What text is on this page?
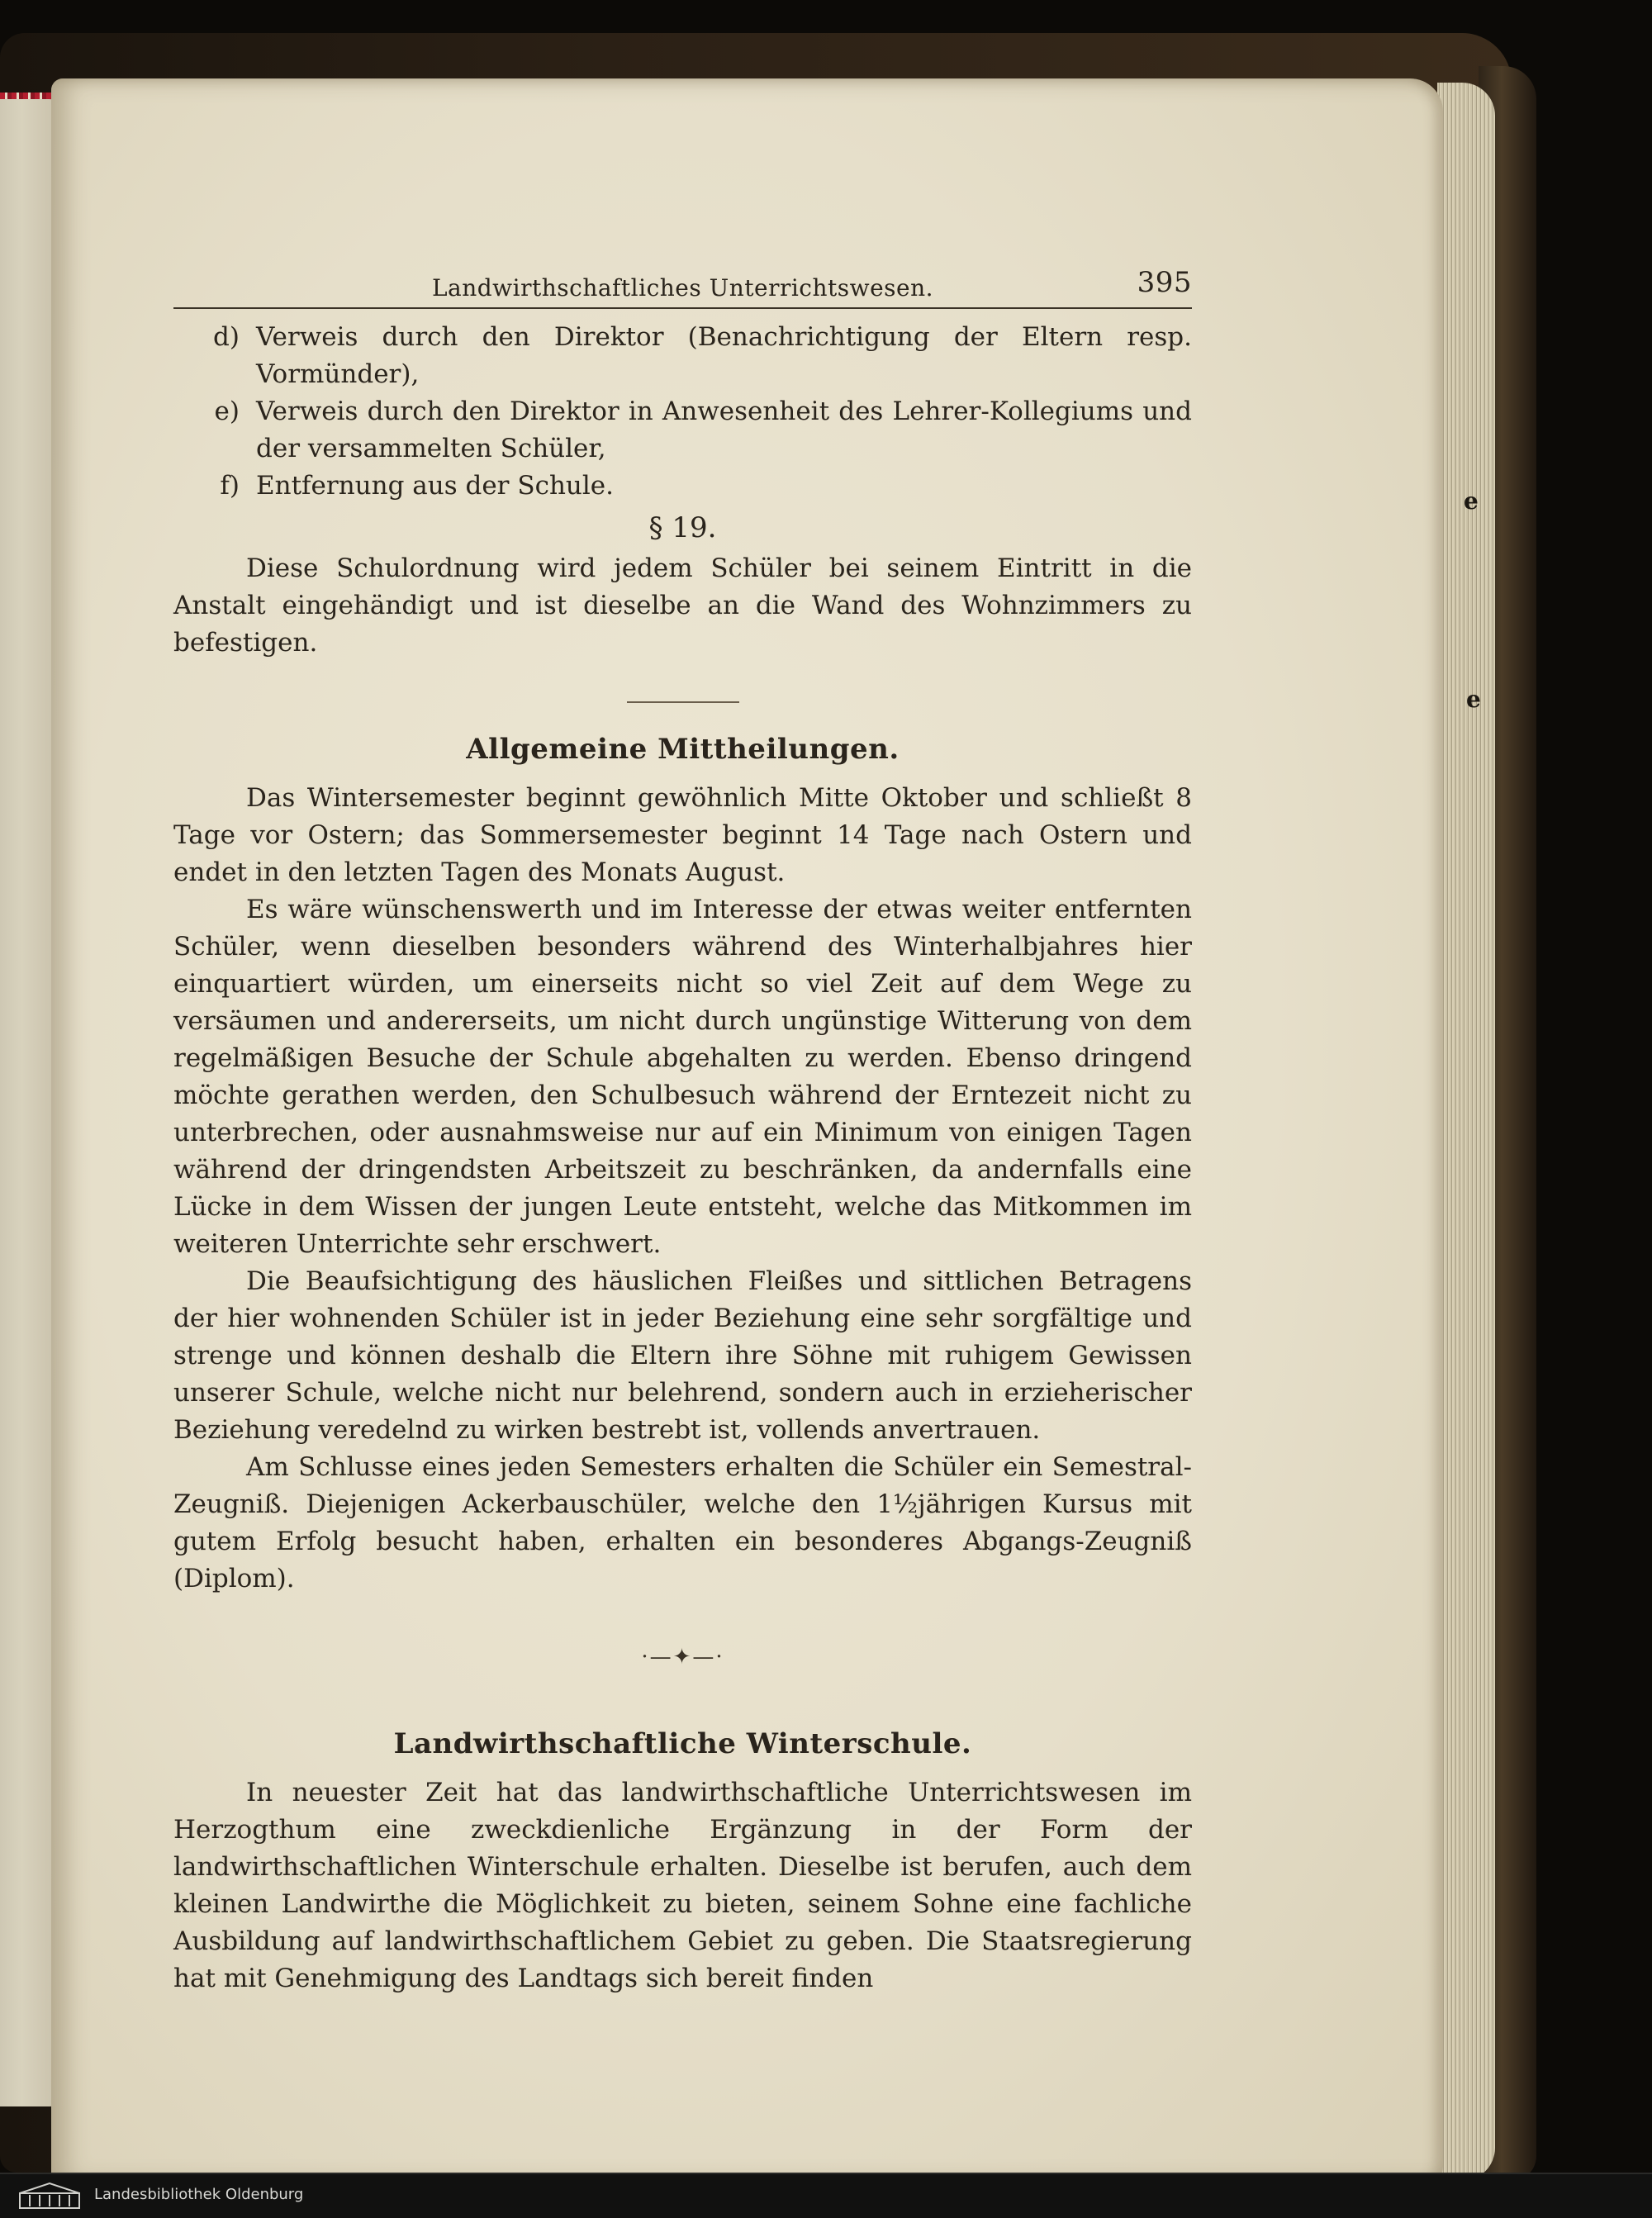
e
e
Landwirthschaftliches Unterrichtswesen.	395
d) Verweis durch den Direktor (Benachrichtigung der Eltern resp. Vormünder),
e) Verweis durch den Direktor in Anwesenheit des Lehrer-Kollegiums und der versammelten Schüler,
f) Entfernung aus der Schule.
§ 19.

Diese Schulordnung wird jedem Schüler bei seinem Eintritt in die Anstalt eingehändigt und ist dieselbe an die Wand des Wohnzimmers zu befestigen.

Allgemeine Mittheilungen.

Das Wintersemester beginnt gewöhnlich Mitte Oktober und schließt 8 Tage vor Ostern; das Sommersemester beginnt 14 Tage nach Ostern und endet in den letzten Tagen des Monats August.

Es wäre wünschenswerth und im Interesse der etwas weiter entfernten Schüler, wenn dieselben besonders während des Winterhalbjahres hier einquartiert würden, um einerseits nicht so viel Zeit auf dem Wege zu versäumen und andererseits, um nicht durch ungünstige Witterung von dem regelmäßigen Besuche der Schule abgehalten zu werden. Ebenso dringend möchte gerathen werden, den Schulbesuch während der Erntezeit nicht zu unterbrechen, oder ausnahmsweise nur auf ein Minimum von einigen Tagen während der dringendsten Arbeitszeit zu beschränken, da andernfalls eine Lücke in dem Wissen der jungen Leute entsteht, welche das Mitkommen im weiteren Unterrichte sehr erschwert.

Die Beaufsichtigung des häuslichen Fleißes und sittlichen Betragens der hier wohnenden Schüler ist in jeder Beziehung eine sehr sorgfältige und strenge und können deshalb die Eltern ihre Söhne mit ruhigem Gewissen unserer Schule, welche nicht nur belehrend, sondern auch in erzieherischer Beziehung veredelnd zu wirken bestrebt ist, vollends anvertrauen.

Am Schlusse eines jeden Semesters erhalten die Schüler ein Semestral-Zeugniß. Diejenigen Ackerbauschüler, welche den 1½jährigen Kursus mit gutem Erfolg besucht haben, erhalten ein besonderes Abgangs-Zeugniß (Diplom).

·—✦—·
Landwirthschaftliche Winterschule.

In neuester Zeit hat das landwirthschaftliche Unterrichtswesen im Herzogthum eine zweckdienliche Ergänzung in der Form der landwirthschaftlichen Winterschule erhalten. Dieselbe ist berufen, auch dem kleinen Landwirthe die Möglichkeit zu bieten, seinem Sohne eine fachliche Ausbildung auf landwirthschaftlichem Gebiet zu geben. Die Staatsregierung hat mit Genehmigung des Landtags sich bereit finden

Landesbibliothek Oldenburg
